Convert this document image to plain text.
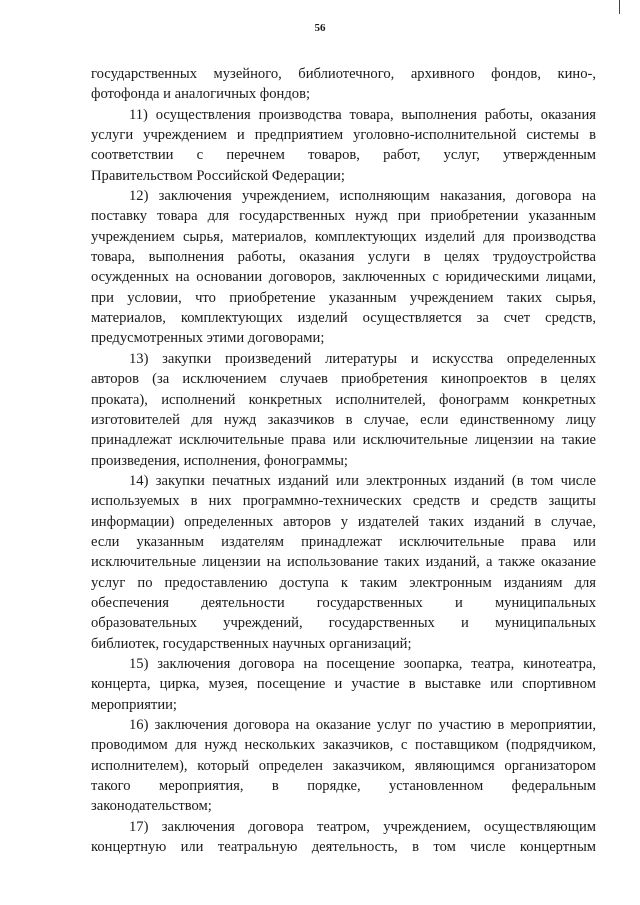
56
государственных музейного, библиотечного, архивного фондов, кино-,
фотофонда и аналогичных фондов;
11) осуществления производства товара, выполнения работы, оказания
услуги учреждением и предприятием уголовно-исполнительной системы в
соответствии с перечнем товаров, работ, услуг, утвержденным
Правительством Российской Федерации;
12) заключения учреждением, исполняющим наказания, договора на
поставку товара для государственных нужд при приобретении указанным
учреждением сырья, материалов, комплектующих изделий для производства
товара, выполнения работы, оказания услуги в целях трудоустройства
осужденных на основании договоров, заключенных с юридическими лицами,
при условии, что приобретение указанным учреждением таких сырья,
материалов, комплектующих изделий осуществляется за счет средств,
предусмотренных этими договорами;
13) закупки произведений литературы и искусства определенных
авторов (за исключением случаев приобретения кинопроектов в целях
проката), исполнений конкретных исполнителей, фонограмм конкретных
изготовителей для нужд заказчиков в случае, если единственному лицу
принадлежат исключительные права или исключительные лицензии на такие
произведения, исполнения, фонограммы;
14) закупки печатных изданий или электронных изданий (в том числе
используемых в них программно-технических средств и средств защиты
информации) определенных авторов у издателей таких изданий в случае,
если указанным издателям принадлежат исключительные права или
исключительные лицензии на использование таких изданий, а также оказание
услуг по предоставлению доступа к таким электронным изданиям для
обеспечения деятельности государственных и муниципальных
образовательных учреждений, государственных и муниципальных
библиотек, государственных научных организаций;
15) заключения договора на посещение зоопарка, театра, кинотеатра,
концерта, цирка, музея, посещение и участие в выставке или спортивном
мероприятии;
16) заключения договора на оказание услуг по участию в мероприятии,
проводимом для нужд нескольких заказчиков, с поставщиком (подрядчиком,
исполнителем), который определен заказчиком, являющимся организатором
такого мероприятия, в порядке, установленном федеральным
законодательством;
17) заключения договора театром, учреждением, осуществляющим
концертную или театральную деятельность, в том числе концертным
